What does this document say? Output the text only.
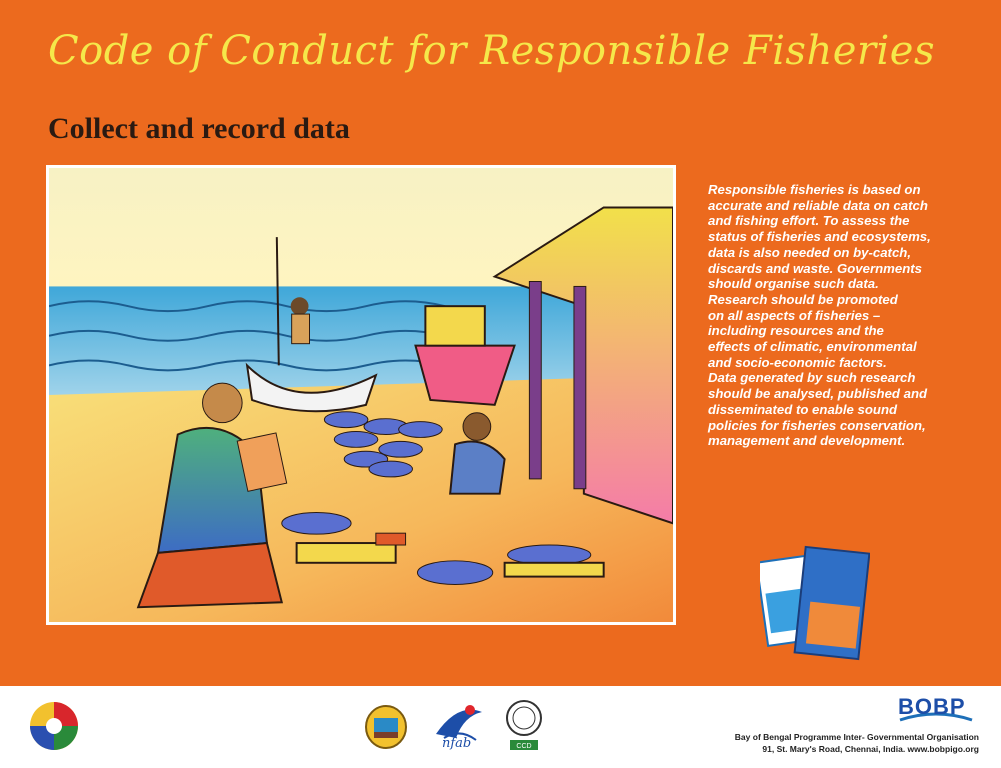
Code of Conduct for Responsible Fisheries
Collect and record data

Responsible fisheries is based on
accurate and reliable data on catch
and fishing effort. To assess the
status of fisheries and ecosystems,
data is also needed on by-catch,
discards and waste. Governments
should organise such data.
Research should be promoted
on all aspects of fisheries –
including resources and the
effects of climatic, environmental
and socio-economic factors.
Data generated by such research
should be analysed, published and
disseminated to enable sound
policies for fisheries conservation,
management and development.

nfab	CCD
BOBP
Bay of Bengal Programme Inter- Governmental Organisation
91, St. Mary's Road, Chennai, India. www.bobpigo.org
